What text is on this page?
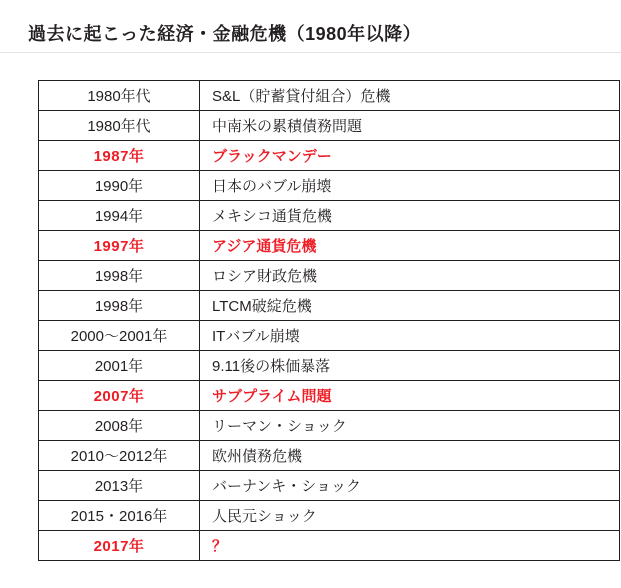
過去に起こった経済・金融危機（1980年以降）
1980年代	S&L（貯蓄貸付組合）危機
1980年代	中南米の累積債務問題
1987年	ブラックマンデー
1990年	日本のバブル崩壊
1994年	メキシコ通貨危機
1997年	アジア通貨危機
1998年	ロシア財政危機
1998年	LTCM破綻危機
2000〜2001年	ITバブル崩壊
2001年	9.11後の株価暴落
2007年	サブプライム問題
2008年	リーマン・ショック
2010〜2012年	欧州債務危機
2013年	バーナンキ・ショック
2015・2016年	人民元ショック
2017年	？
